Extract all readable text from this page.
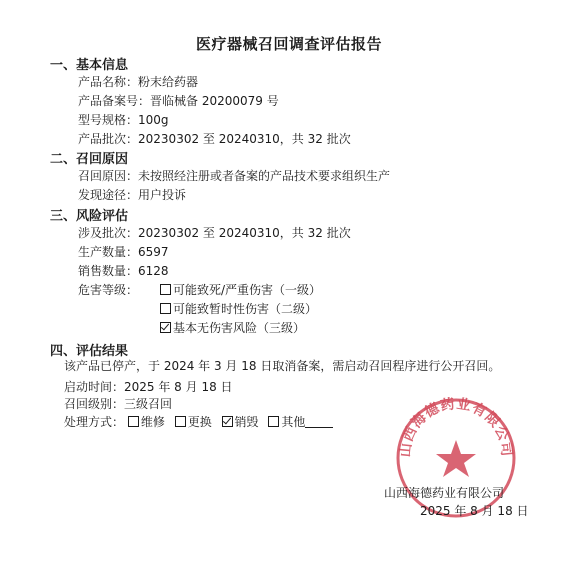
医疗器械召回调查评估报告
一、基本信息
产品名称：粉末给药器
产品备案号：晋临械备 20200079 号
型号规格：100g
产品批次：20230302 至 20240310，共 32 批次
二、召回原因
召回原因：未按照经注册或者备案的产品技术要求组织生产
发现途径：用户投诉
三、风险评估
涉及批次：20230302 至 20240310，共 32 批次
生产数量：6597
销售数量：6128
危害等级：	可能致死/严重伤害（一级）
可能致暂时性伤害（二级）
基本无伤害风险（三级）
四、评估结果
该产品已停产，于 2024 年 3 月 18 日取消备案，需启动召回程序进行公开召回。
启动时间：2025 年 8 月 18 日
召回级别：三级召回
处理方式： 维修 更换 销毁 其他
山西海德药业有限公司
山西海德药业有限公司
2025 年 8 月 18 日
